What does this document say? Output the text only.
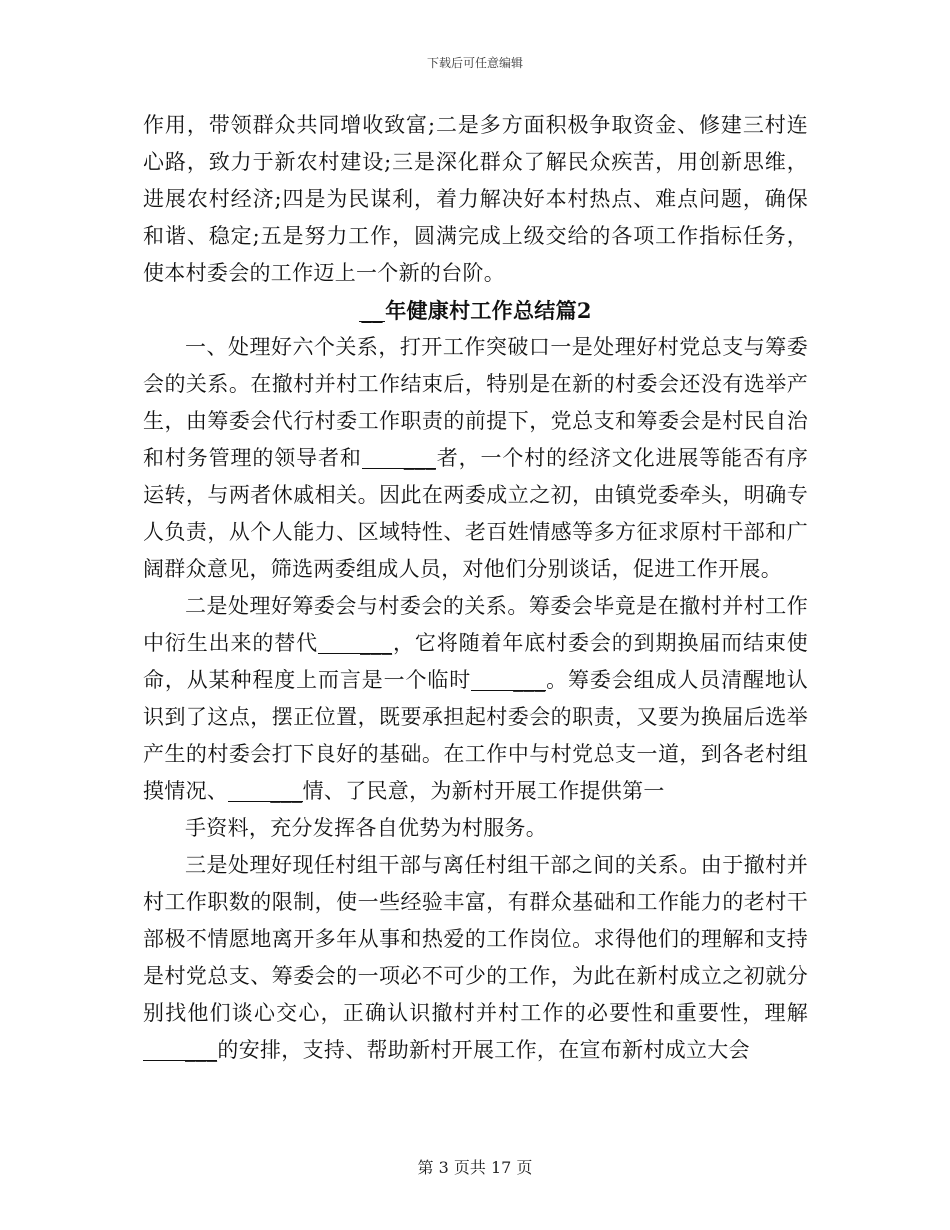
下载后可任意编辑

作用，带领群众共同增收致富;二是多方面积极争取资金、修建三村连心路，致力于新农村建设;三是深化群众了解民众疾苦，用创新思维，进展农村经济;四是为民谋利，着力解决好本村热点、难点问题，确保和谐、稳定;五是努力工作，圆满完成上级交给的各项工作指标任务，使本村委会的工作迈上一个新的台阶。

__ 年健康村工作总结篇2

一、处理好六个关系，打开工作突破口一是处理好村党总支与筹委会的关系。在撤村并村工作结束后，特别是在新的村委会还没有选举产生，由筹委会代行村委工作职责的前提下，党总支和筹委会是村民自治和村务管理的领导者和 ___者，一个村的经济文化进展等能否有序运转，与两者休戚相关。因此在两委成立之初，由镇党委牵头，明确专人负责，从个人能力、区域特性、老百姓情感等多方征求原村干部和广阔群众意见，筛选两委组成人员，对他们分别谈话，促进工作开展。

二是处理好筹委会与村委会的关系。筹委会毕竟是在撤村并村工作中衍生出来的替代 ___，它将随着年底村委会的到期换届而结束使命，从某种程度上而言是一个临时 ___。筹委会组成人员清醒地认识到了这点，摆正位置，既要承担起村委会的职责，又要为换届后选举产生的村委会打下良好的基础。在工作中与村党总支一道，到各老村组摸情况、 ___情、了民意，为新村开展工作提供第一

手资料，充分发挥各自优势为村服务。

三是处理好现任村组干部与离任村组干部之间的关系。由于撤村并村工作职数的限制，使一些经验丰富，有群众基础和工作能力的老村干部极不情愿地离开多年从事和热爱的工作岗位。求得他们的理解和支持是村党总支、筹委会的一项必不可少的工作，为此在新村成立之初就分别找他们谈心交心，正确认识撤村并村工作的必要性和重要性，理解___的安排，支持、帮助新村开展工作，在宣布新村成立大会

第 3 页共 17 页
